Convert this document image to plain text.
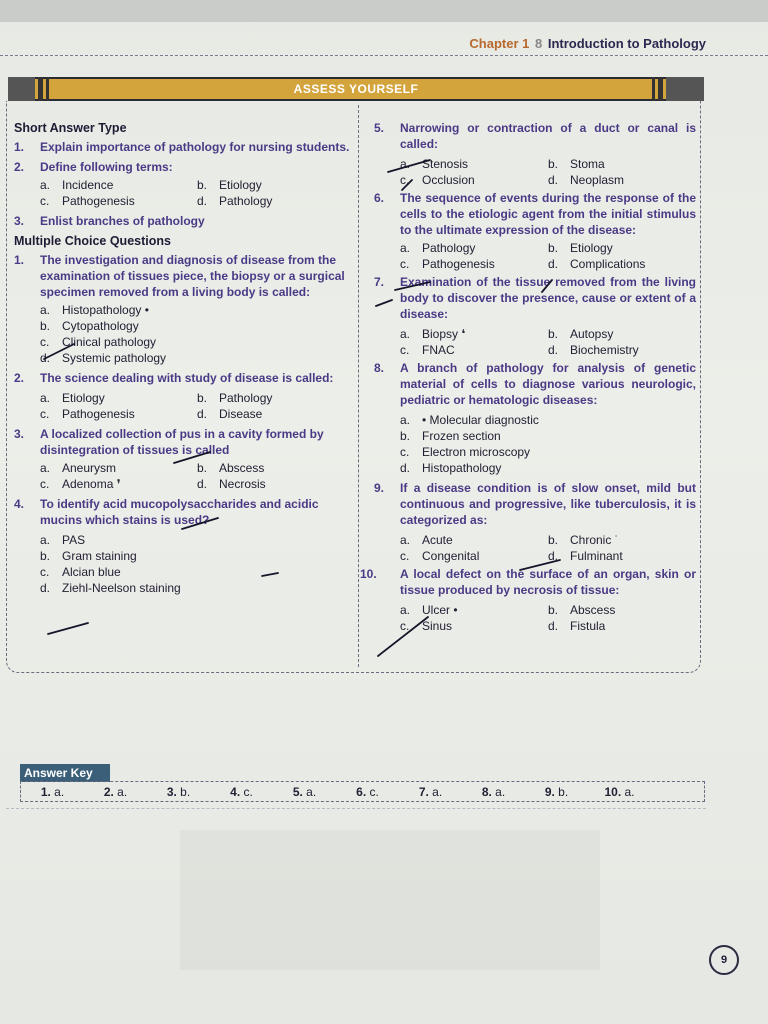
Chapter 1 8 Introduction to Pathology
ASSESS YOURSELF
Short Answer Type
1.	Explain importance of pathology for nursing students.
2.	Define following terms:
a. Incidence	b. Etiology
c.	Pathogenesis	d. Pathology
3.	Enlist branches of pathology
Multiple Choice Questions
1.	The investigation and diagnosis of disease from the examination of tissues piece, the biopsy or a surgical specimen removed from a living body is called:
a. Histopathology •
b. Cytopathology
c.	Clinical pathology
d. Systemic pathology
2.	The science dealing with study of disease is called:
a. Etiology	b. Pathology
c.	Pathogenesis	d. Disease
3.	A localized collection of pus in a cavity formed by disintegration of tissues is called
a. Aneurysm	b. Abscess
c.	Adenoma ❜	d. Necrosis
4.	To identify acid mucopolysaccharides and acidic mucins which stains is used?
a. PAS
b. Gram staining
c.	Alcian blue
d. Ziehl-Neelson staining
5.	Narrowing or contraction of a duct or canal is called:
a. Stenosis	b. Stoma
c.	Occlusion	d. Neoplasm
6.	The sequence of events during the response of the cells to the etiologic agent from the initial stimulus to the ultimate expression of the disease:
a. Pathology	b. Etiology
c.	Pathogenesis	d. Complications
7.	Examination of the tissue removed from the living body to discover the presence, cause or extent of a disease:
a. Biopsy ❛	b. Autopsy
c.	FNAC	d. Biochemistry
8.	A branch of pathology for analysis of genetic material of cells to diagnose various neurologic, pediatric or hematologic diseases:
a. • Molecular diagnostic
b. Frozen section
c.	Electron microscopy
d. Histopathology
9.	If a disease condition is of slow onset, mild but continuous and progressive, like tuberculosis, it is categorized as:
a. Acute	b. Chronic ˙
c.	Congenital	d. Fulminant
10.	A local defect on the surface of an organ, skin or tissue produced by necrosis of tissue:
a. Ulcer •	b. Abscess
c.	Sinus	d. Fistula
Answer Key
1. a.	2. a.	3. b.	4. c.	5. a.	6. c.	7. a.	8. a.	9. b.	10. a.
9
